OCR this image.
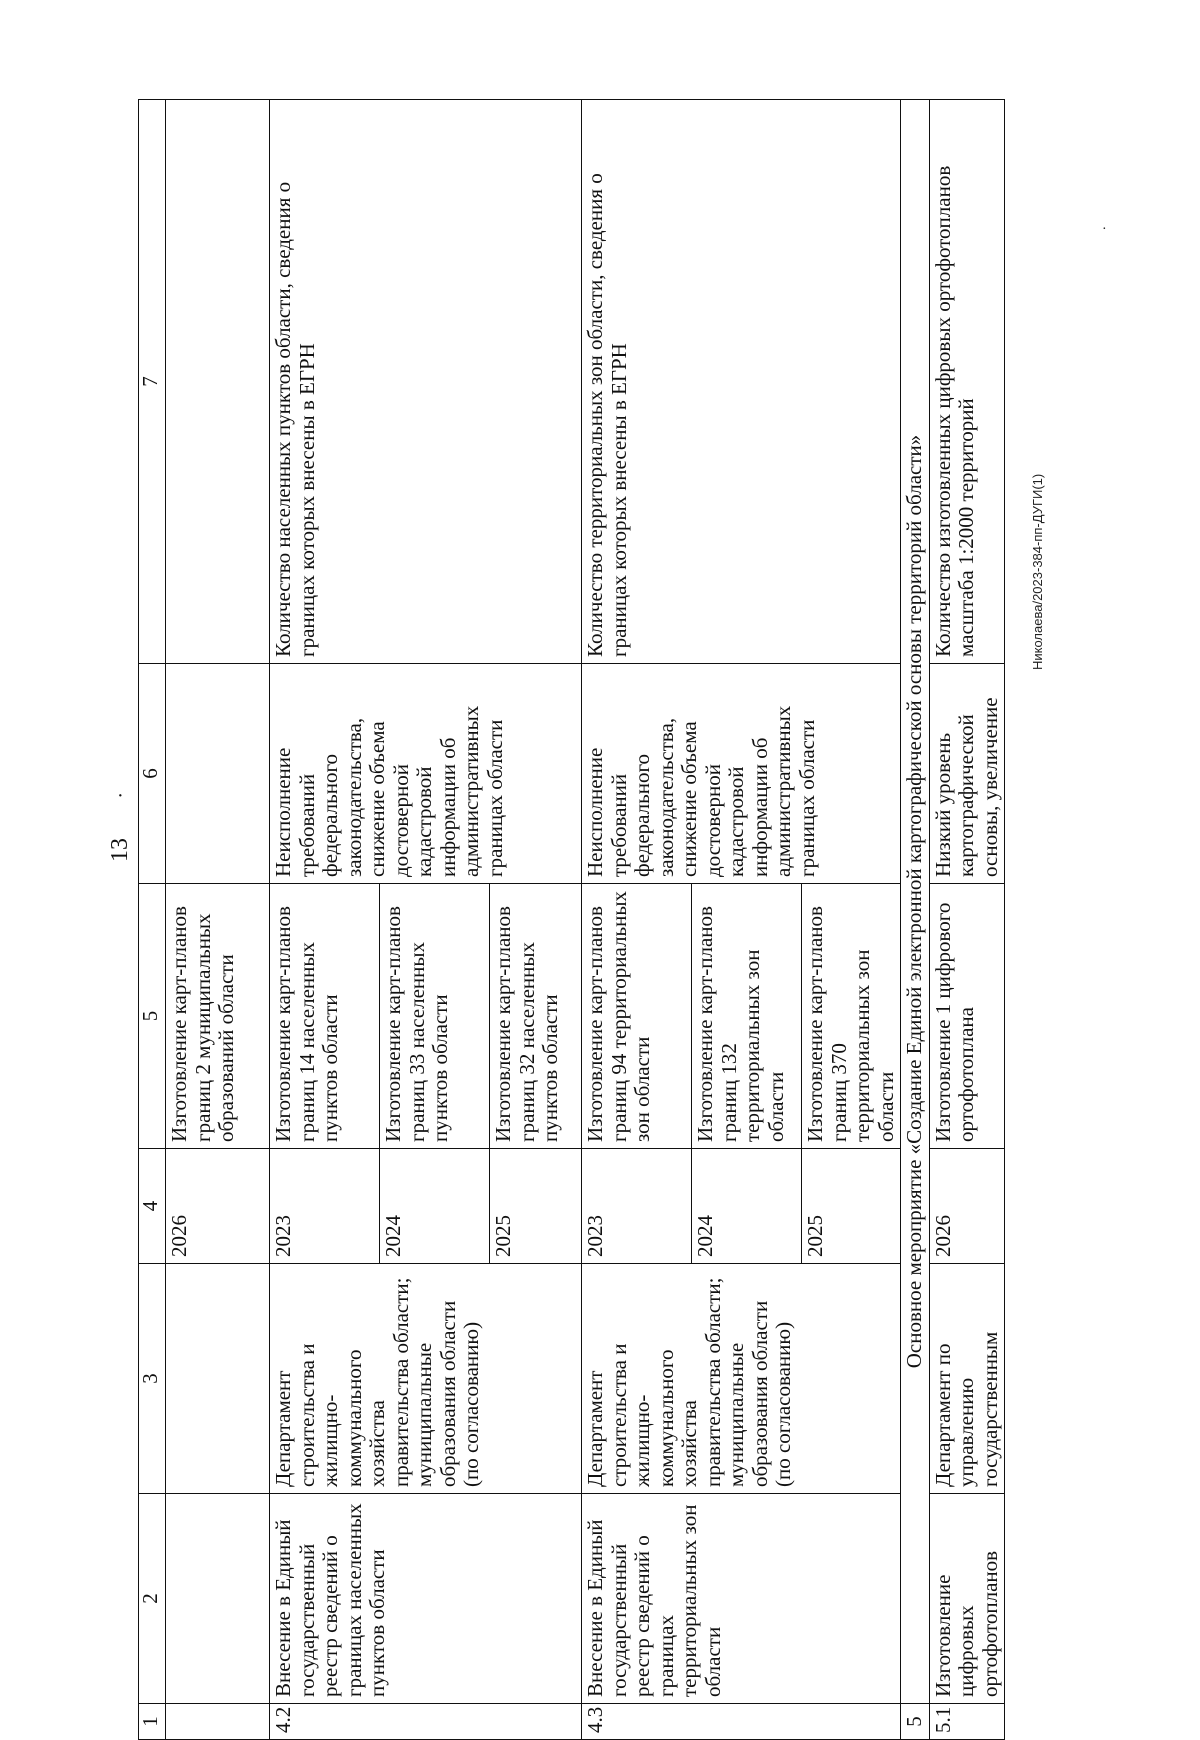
13
·
Николаева/2023-384-пп-ДУГИ(1)
·
1	2	3	4	5	6	7
			2026	Изготовление карт-планов границ 2 муниципальных образований области		
4.2	Внесение в Единый государственный реестр сведений о границах населенных пунктов области	Департамент строительства и жилищно-коммунального хозяйства правительства области; муниципальные образования области (по согласованию)	2023	Изготовление карт-планов границ 14 населенных пунктов области	Неисполнение требований федерального законодательства, снижение объема достоверной кадастровой информации об административных границах области	Количество населенных пунктов области, сведения о границах которых внесены в ЕГРН
			2024	Изготовление карт-планов границ 33 населенных пунктов области		
			2025	Изготовление карт-планов границ 32 населенных пунктов области		
4.3	Внесение в Единый государственный реестр сведений о границах территориальных зон области	Департамент строительства и жилищно-коммунального хозяйства правительства области; муниципальные образования области (по согласованию)	2023	Изготовление карт-планов границ 94 территориальных зон области	Неисполнение требований федерального законодательства, снижение объема достоверной кадастровой информации об административных границах области	Количество территориальных зон области, сведения о границах которых внесены в ЕГРН
			2024	Изготовление карт-планов границ 132 территориальных зон области		
			2025	Изготовление карт-планов границ 370 территориальных зон области		
5	Основное мероприятие «Создание Единой электронной картографической основы территорий области»					
5.1	Изготовление цифровых ортофотопланов	Департамент по управлению государственным	2026	Изготовление 1 цифрового ортофотоплана	Низкий уровень картографической основы, увеличение	Количество изготовленных цифровых ортофотопланов масштаба 1:2000 территорий
